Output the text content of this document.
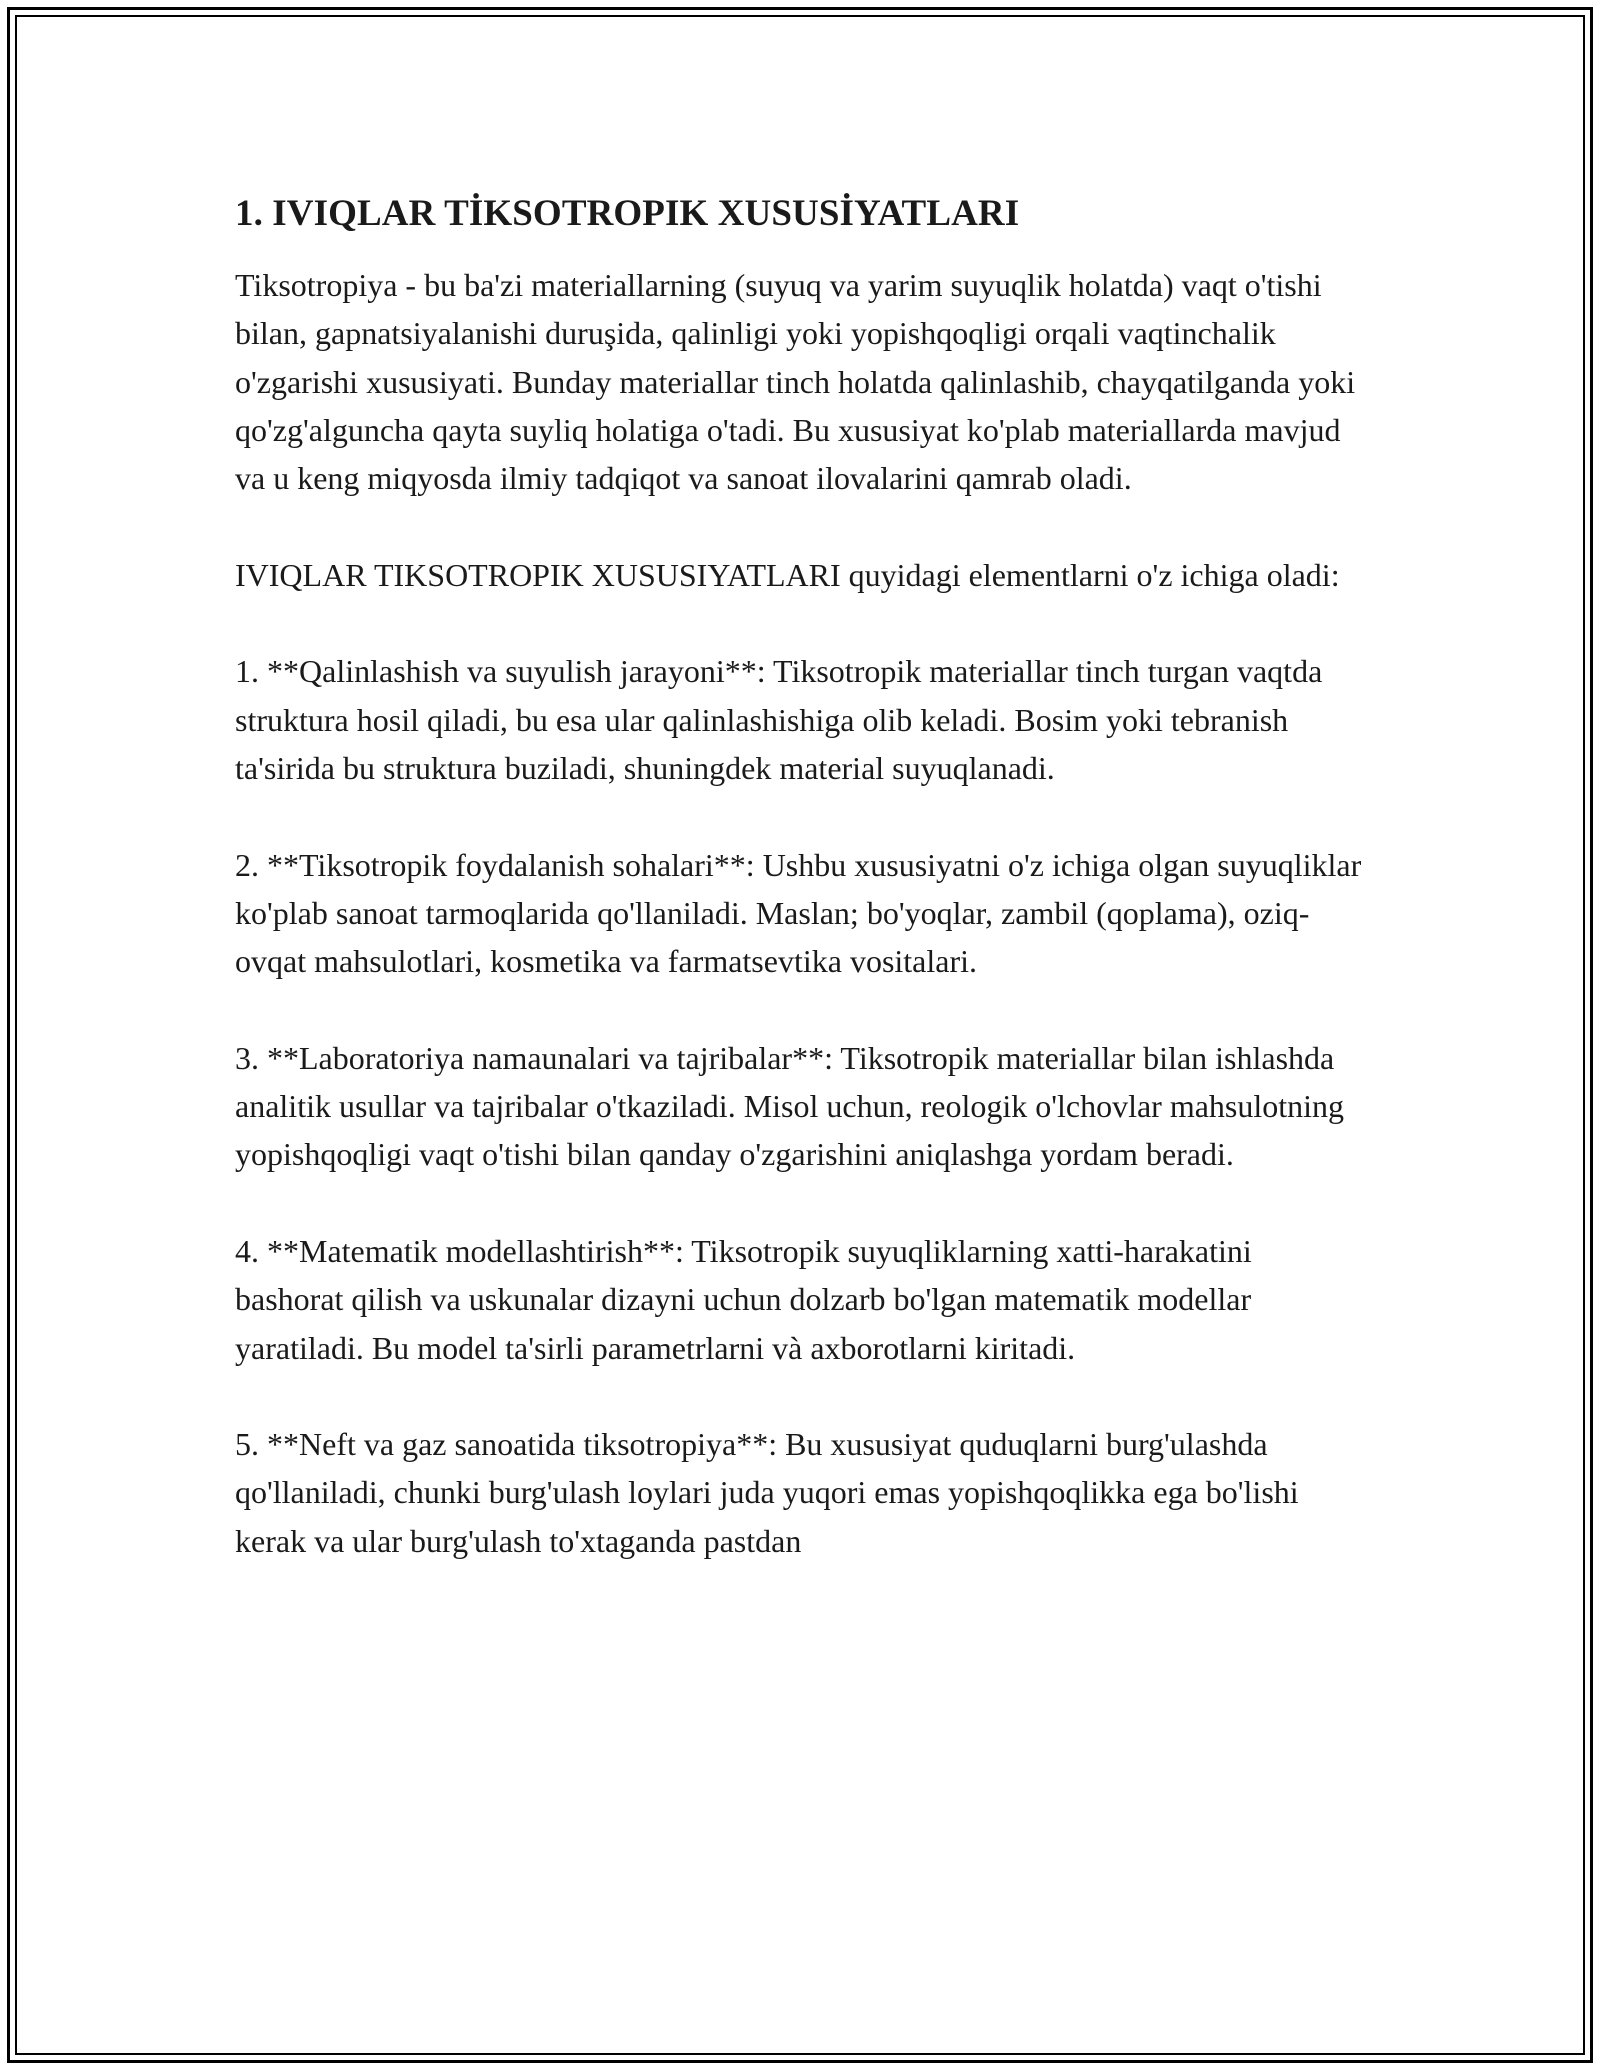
1. IVIQLAR TİKSOTROPIK XUSUSİYATLARI

Tiksotropiya - bu ba'zi materiallarning (suyuq va yarim suyuqlik holatda) vaqt o'tishi bilan, gapnatsiyalanishi duruşida, qalinligi yoki yopishqoqligi orqali vaqtinchalik o'zgarishi xususiyati. Bunday materiallar tinch holatda qalinlashib, chayqatilganda yoki qo'zg'alguncha qayta suyliq holatiga o'tadi. Bu xususiyat ko'plab materiallarda mavjud va u keng miqyosda ilmiy tadqiqot va sanoat ilovalarini qamrab oladi.

IVIQLAR TIKSOTROPIK XUSUSIYATLARI quyidagi elementlarni o'z ichiga oladi:

1. **Qalinlashish va suyulish jarayoni**: Tiksotropik materiallar tinch turgan vaqtda struktura hosil qiladi, bu esa ular qalinlashishiga olib keladi. Bosim yoki tebranish ta'sirida bu struktura buziladi, shuningdek material suyuqlanadi.

2. **Tiksotropik foydalanish sohalari**: Ushbu xususiyatni o'z ichiga olgan suyuqliklar ko'plab sanoat tarmoqlarida qo'llaniladi. Maslan; bo'yoqlar, zambil (qoplama), oziq-ovqat mahsulotlari, kosmetika va farmatsevtika vositalari.

3. **Laboratoriya namaunalari va tajribalar**: Tiksotropik materiallar bilan ishlashda analitik usullar va tajribalar o'tkaziladi. Misol uchun, reologik o'lchovlar mahsulotning yopishqoqligi vaqt o'tishi bilan qanday o'zgarishini aniqlashga yordam beradi.

4. **Matematik modellashtirish**: Tiksotropik suyuqliklarning xatti-harakatini bashorat qilish va uskunalar dizayni uchun dolzarb bo'lgan matematik modellar yaratiladi. Bu model ta'sirli parametrlarni và axborotlarni kiritadi.

5. **Neft va gaz sanoatida tiksotropiya**: Bu xususiyat quduqlarni burg'ulashda qo'llaniladi, chunki burg'ulash loylari juda yuqori emas yopishqoqlikka ega bo'lishi kerak va ular burg'ulash to'xtaganda pastdan
